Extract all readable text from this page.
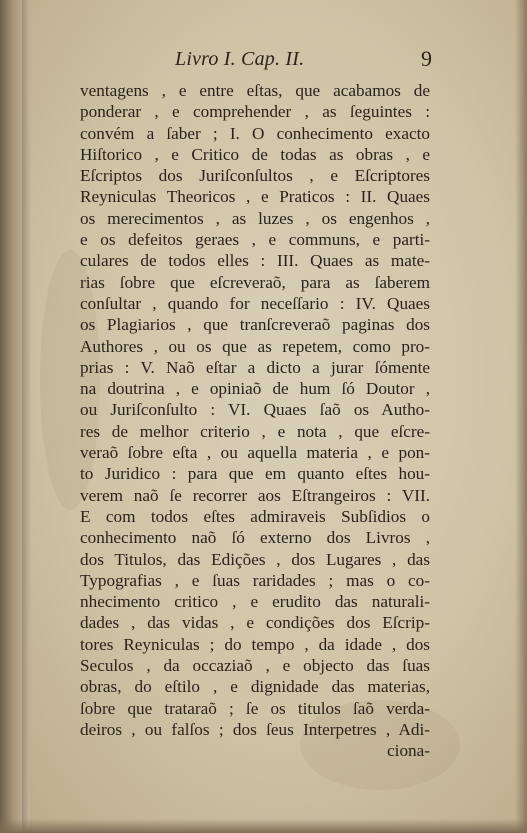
Livro I. Cap. II.	9
ventagens , e entre eſtas, que acabamos de
ponderar , e comprehender , as ſeguintes :
convém a ſaber ; I. O conhecimento exacto
Hiſtorico , e Critico de todas as obras , e
Eſcriptos dos Juriſconſultos , e Eſcriptores
Reyniculas Theoricos , e Praticos : II. Quaes
os merecimentos , as luzes , os engenhos ,
e os defeitos geraes , e communs, e parti-
culares de todos elles : III. Quaes as mate-
rias ſobre que eſcreveraõ, para as ſaberem
conſultar , quando for neceſſario : IV. Quaes
os Plagiarios , que tranſcreveraõ paginas dos
Authores , ou os que as repetem, como pro-
prias : V. Naõ eſtar a dicto a jurar ſómente
na doutrina , e opiniaõ de hum ſó Doutor ,
ou Juriſconſulto : VI. Quaes ſaõ os Autho-
res de melhor criterio , e nota , que eſcre-
veraõ ſobre eſta , ou aquella materia , e pon-
to Juridico : para que em quanto eſtes hou-
verem naõ ſe recorrer aos Eſtrangeiros : VII.
E com todos eſtes admiraveis Subſidios o
conhecimento naõ ſó externo dos Livros ,
dos Titulos, das Edições , dos Lugares , das
Typografias , e ſuas raridades ; mas o co-
nhecimento critico , e erudito das naturali-
dades , das vidas , e condições dos Eſcrip-
tores Reyniculas ; do tempo , da idade , dos
Seculos , da occaziaõ , e objecto das ſuas
obras, do eſtilo , e dignidade das materias,
ſobre que trataraõ ; ſe os titulos ſaõ verda-
deiros , ou falſos ; dos ſeus Interpetres , Adi-
ciona-
